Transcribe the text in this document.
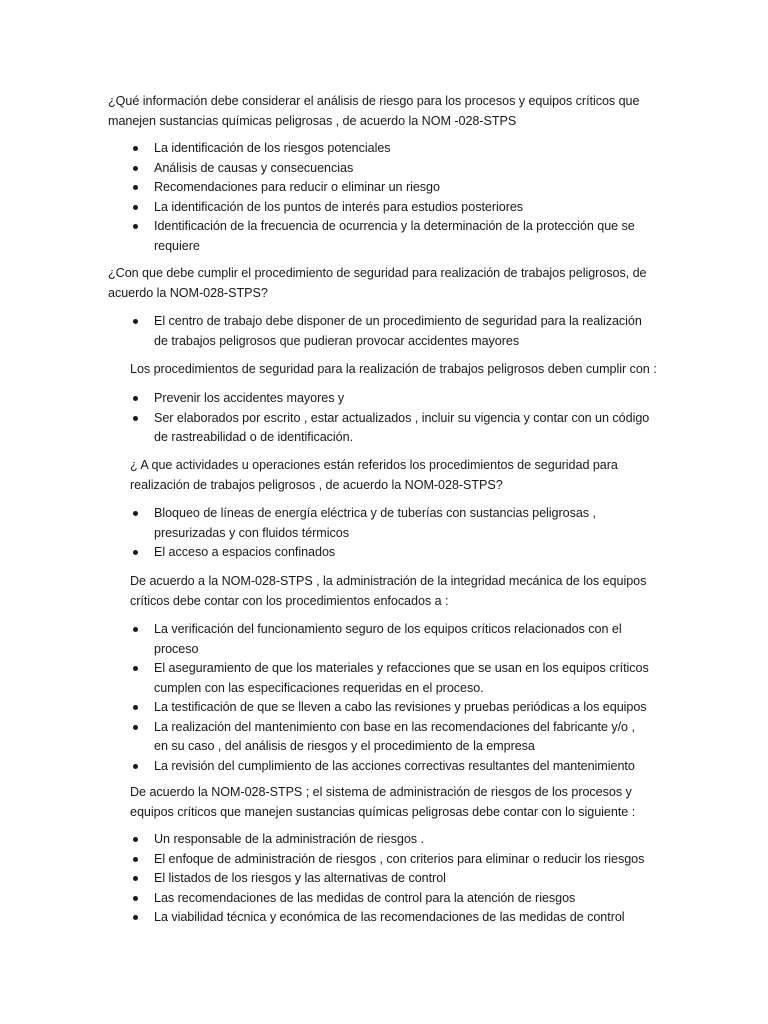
¿Qué información debe considerar el análisis de riesgo para los procesos y equipos críticos que manejen sustancias químicas peligrosas , de acuerdo la NOM -028-STPS

La identificación de los riesgos potenciales
Análisis de causas y consecuencias
Recomendaciones para reducir o eliminar un riesgo
La identificación de los puntos de interés para estudios posteriores
Identificación de la frecuencia de ocurrencia y la determinación de la protección que se requiere

¿Con que debe cumplir el procedimiento de seguridad para realización de trabajos peligrosos, de acuerdo la NOM-028-STPS?

El centro de trabajo debe disponer de un procedimiento de seguridad para la realización de trabajos peligrosos que pudieran provocar accidentes mayores

Los procedimientos de seguridad para la realización de trabajos peligrosos deben cumplir con :

Prevenir los accidentes mayores y
Ser elaborados por escrito , estar actualizados , incluir su vigencia y contar con un código de rastreabilidad o de identificación.

¿ A que actividades u operaciones están referidos los procedimientos de seguridad para realización de trabajos peligrosos , de acuerdo la NOM-028-STPS?

Bloqueo de líneas de energía eléctrica y de tuberías con sustancias peligrosas , presurizadas y con fluidos térmicos
El acceso a espacios confinados

De acuerdo a la NOM-028-STPS , la administración de la integridad mecánica de los equipos críticos debe contar con los procedimientos enfocados a :

La verificación del funcionamiento seguro de los equipos críticos relacionados con el proceso
El aseguramiento de que los materiales y refacciones que se usan en los equipos críticos cumplen con las especificaciones requeridas en el proceso.
La testificación de que se lleven a cabo las revisiones y pruebas periódicas a los equipos
La realización del mantenimiento con base en las recomendaciones del fabricante y/o , en su caso , del análisis de riesgos y el procedimiento de la empresa
La revisión del cumplimiento de las acciones correctivas resultantes del mantenimiento

De acuerdo la NOM-028-STPS ; el sistema de administración de riesgos de los procesos y equipos críticos que manejen sustancias químicas peligrosas debe contar con lo siguiente :

Un responsable de la administración de riesgos .
El enfoque de administración de riesgos , con criterios para eliminar o reducir los riesgos
El listados de los riesgos y las alternativas de control
Las recomendaciones de las medidas de control para la atención de riesgos
La viabilidad técnica y económica de las recomendaciones de las medidas de control
